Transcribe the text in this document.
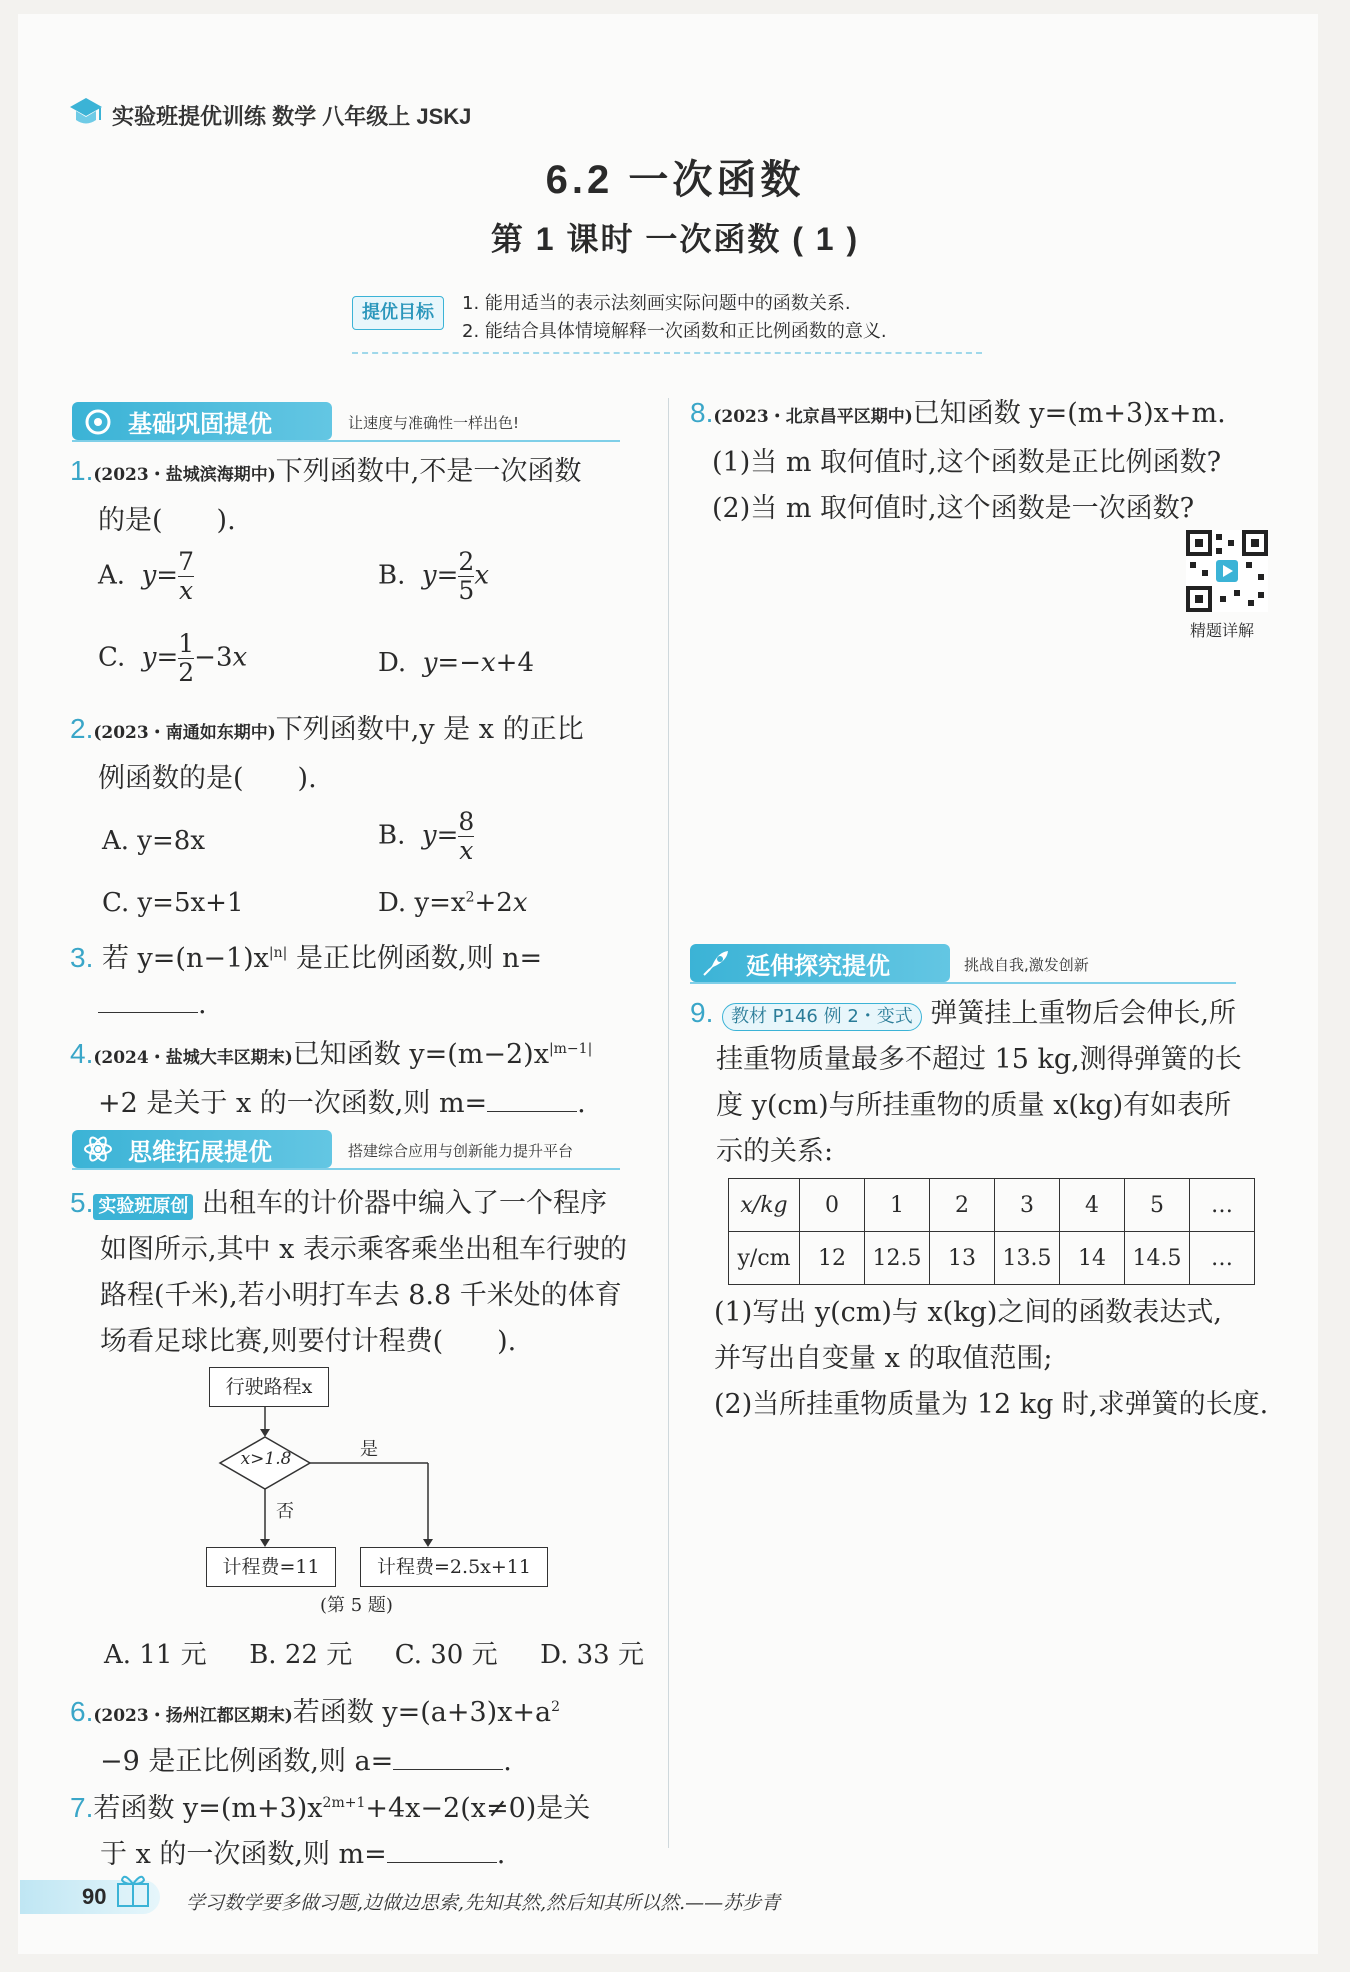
实验班提优训练 数学 八年级上 JSKJ
6.2 一次函数
第 1 课时 一次函数 ( 1 )
提优目标	1. 能用适当的表示法刻画实际问题中的函数关系.
2. 能结合具体情境解释一次函数和正比例函数的意义.
基础巩固提优	让速度与准确性一样出色!
1.(2023・盐城滨海期中)下列函数中,不是一次函数
的是(　　).
A. $y= \frac{7}{x}$	B. $y= \frac{2}{5}$ x
C. $y= \frac{1}{2} -3x$	D. y=−x+4
2.(2023・南通如东期中)下列函数中,y 是 x 的正比
例函数的是(　　).
A. y=8x	B. $y= \frac{8}{x}$
C. y=5x+1	D. $y=x^2+2x$
3. 若 $y=(n-1)x^{|n|}$ 是正比例函数,则 n=
.
4.(2024・盐城大丰区期末)已知函数 $y=(m-2)x^{|m-1|}$
+2 是关于 x 的一次函数,则 m=	.
思维拓展提优	搭建综合应用与创新能力提升平台
5. 实验班原创 出租车的计价器中编入了一个程序
如图所示,其中 x 表示乘客乘坐出租车行驶的
路程(千米),若小明打车去 8.8 千米处的体育
场看足球比赛,则要付计程费(　　).
行驶路程x
x>1.8	是
否
计程费=11	计程费=2.5x+11
(第 5 题)
A. 11 元 B. 22 元 C. 30 元 D. 33 元
6.(2023・扬州江都区期末)若函数 $y=(a+3)x+a^2$
−9 是正比例函数,则 a=	.
7.若函数 $y=(m+3)x^{2m+1}+4x-2(x\ne 0)$是关
于 x 的一次函数,则 m=	.
8.(2023・北京昌平区期中)已知函数 y=(m+3)x+m.
(1)当 m 取何值时,这个函数是正比例函数?
(2)当 m 取何值时,这个函数是一次函数?
精题详解
延伸探究提优	挑战自我,激发创新
9. 教材 P146 例 2・变式 弹簧挂上重物后会伸长,所
挂重物质量最多不超过 15 kg,测得弹簧的长
度 y(cm)与所挂重物的质量 x(kg)有如表所
示的关系:
x/kg	0	1	2	3	4	5	…
y/cm	12	12.5	13	13.5	14	14.5	…
(1)写出 y(cm)与 x(kg)之间的函数表达式,
并写出自变量 x 的取值范围;
(2)当所挂重物质量为 12 kg 时,求弹簧的长度.
90	学习数学要多做习题,边做边思索,先知其然,然后知其所以然.——苏步青
